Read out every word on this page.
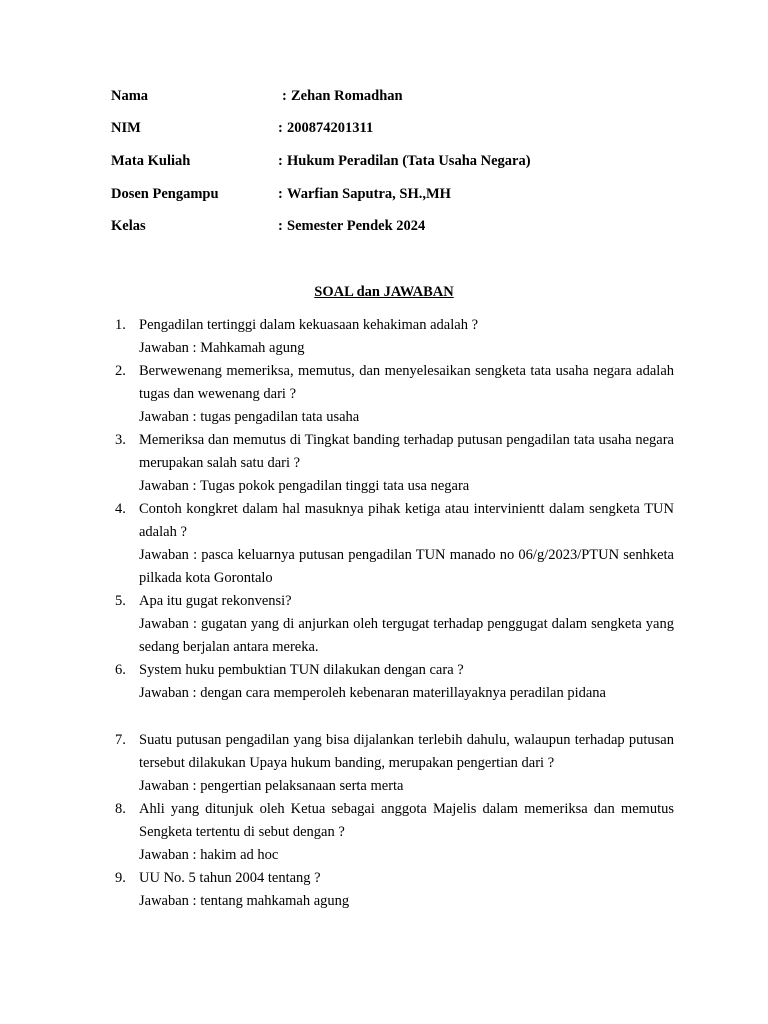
Nama	: Zehan Romadhan
NIM	: 200874201311
Mata Kuliah	: Hukum Peradilan (Tata Usaha Negara)
Dosen Pengampu	: Warfian Saputra, SH.,MH
Kelas	: Semester Pendek 2024
SOAL dan JAWABAN
1. Pengadilan tertinggi dalam kekuasaan kehakiman adalah ?
Jawaban : Mahkamah agung
2. Berwewenang memeriksa, memutus, dan menyelesaikan sengketa tata usaha negara adalah tugas dan wewenang dari ?
Jawaban : tugas pengadilan tata usaha
3. Memeriksa dan memutus di Tingkat banding terhadap putusan pengadilan tata usaha negara merupakan salah satu dari ?
Jawaban : Tugas pokok pengadilan tinggi tata usa negara
4. Contoh kongkret dalam hal masuknya pihak ketiga atau intervinientt dalam sengketa TUN adalah ?
Jawaban : pasca keluarnya putusan pengadilan TUN manado no 06/g/2023/PTUN senhketa pilkada kota Gorontalo
5. Apa itu gugat rekonvensi?
Jawaban : gugatan yang di anjurkan oleh tergugat terhadap penggugat dalam sengketa yang sedang berjalan antara mereka.
6. System huku pembuktian TUN dilakukan dengan cara ?
Jawaban : dengan cara memperoleh kebenaran materillayaknya peradilan pidana
7. Suatu putusan pengadilan yang bisa dijalankan terlebih dahulu, walaupun terhadap putusan tersebut dilakukan Upaya hukum banding, merupakan pengertian dari ?
Jawaban : pengertian pelaksanaan serta merta
8. Ahli yang ditunjuk oleh Ketua sebagai anggota Majelis dalam memeriksa dan memutus Sengketa tertentu di sebut dengan ?
Jawaban : hakim ad hoc
9. UU No. 5 tahun 2004 tentang ?
Jawaban : tentang mahkamah agung
